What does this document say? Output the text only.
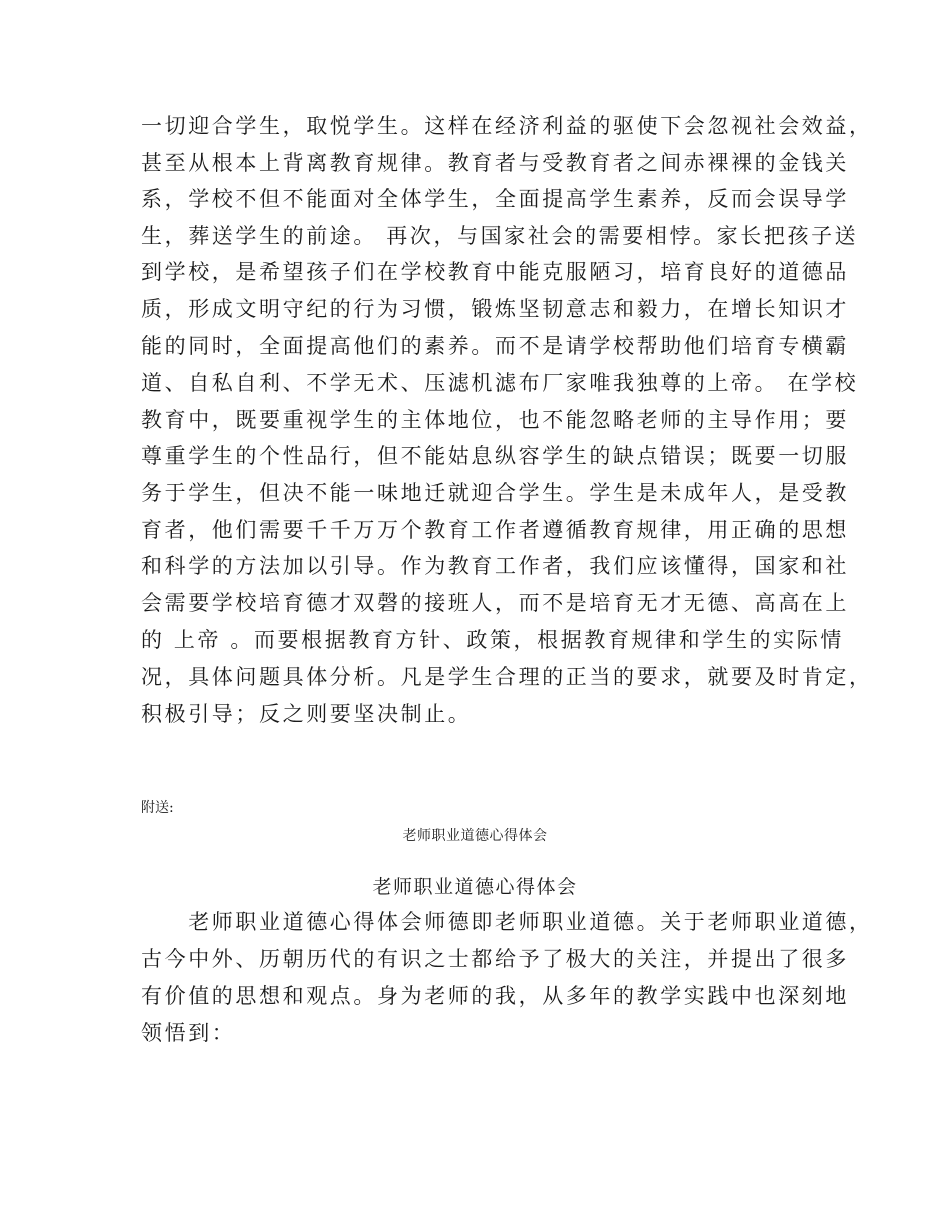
一切迎合学生，取悦学生。这样在经济利益的驱使下会忽视社会效益，
甚至从根本上背离教育规律。教育者与受教育者之间赤裸裸的金钱关
系，学校不但不能面对全体学生，全面提高学生素养，反而会误导学
生，葬送学生的前途。 再次，与国家社会的需要相悖。家长把孩子送
到学校，是希望孩子们在学校教育中能克服陋习，培育良好的道德品
质，形成文明守纪的行为习惯，锻炼坚韧意志和毅力，在增长知识才
能的同时，全面提高他们的素养。而不是请学校帮助他们培育专横霸
道、自私自利、不学无术、压滤机滤布厂家唯我独尊的上帝。 在学校
教育中，既要重视学生的主体地位，也不能忽略老师的主导作用；要
尊重学生的个性品行，但不能姑息纵容学生的缺点错误；既要一切服
务于学生，但决不能一味地迁就迎合学生。学生是未成年人，是受教
育者，他们需要千千万万个教育工作者遵循教育规律，用正确的思想
和科学的方法加以引导。作为教育工作者，我们应该懂得，国家和社
会需要学校培育德才双磬的接班人，而不是培育无才无德、高高在上
的 上帝 。而要根据教育方针、政策，根据教育规律和学生的实际情
况，具体问题具体分析。凡是学生合理的正当的要求，就要及时肯定，
积极引导；反之则要坚决制止。
附送:
老师职业道德心得体会
老师职业道德心得体会
　　老师职业道德心得体会师德即老师职业道德。关于老师职业道德，
古今中外、历朝历代的有识之士都给予了极大的关注，并提出了很多
有价值的思想和观点。身为老师的我，从多年的教学实践中也深刻地
领悟到：
